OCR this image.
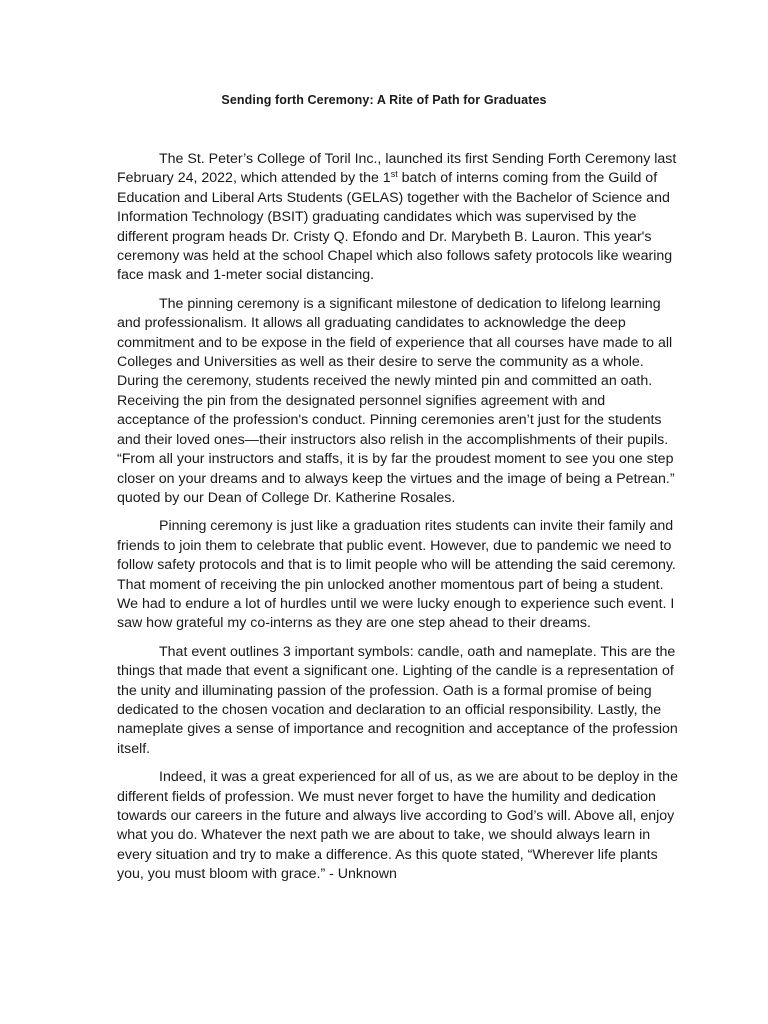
Sending forth Ceremony: A Rite of Path for Graduates

The St. Peter’s College of Toril Inc., launched its first Sending Forth Ceremony last February 24, 2022, which attended by the 1st batch of interns coming from the Guild of Education and Liberal Arts Students (GELAS) together with the Bachelor of Science and Information Technology (BSIT) graduating candidates which was supervised by the different program heads Dr. Cristy Q. Efondo and Dr. Marybeth B. Lauron. This year's ceremony was held at the school Chapel which also follows safety protocols like wearing face mask and 1-meter social distancing.

The pinning ceremony is a significant milestone of dedication to lifelong learning and professionalism. It allows all graduating candidates to acknowledge the deep commitment and to be expose in the field of experience that all courses have made to all Colleges and Universities as well as their desire to serve the community as a whole. During the ceremony, students received the newly minted pin and committed an oath. Receiving the pin from the designated personnel signifies agreement with and acceptance of the profession's conduct. Pinning ceremonies aren’t just for the students and their loved ones—their instructors also relish in the accomplishments of their pupils. “From all your instructors and staffs, it is by far the proudest moment to see you one step closer on your dreams and to always keep the virtues and the image of being a Petrean.” quoted by our Dean of College Dr. Katherine Rosales.

Pinning ceremony is just like a graduation rites students can invite their family and friends to join them to celebrate that public event. However, due to pandemic we need to follow safety protocols and that is to limit people who will be attending the said ceremony. That moment of receiving the pin unlocked another momentous part of being a student. We had to endure a lot of hurdles until we were lucky enough to experience such event. I saw how grateful my co-interns as they are one step ahead to their dreams.

That event outlines 3 important symbols: candle, oath and nameplate. This are the things that made that event a significant one. Lighting of the candle is a representation of the unity and illuminating passion of the profession. Oath is a formal promise of being dedicated to the chosen vocation and declaration to an official responsibility. Lastly, the nameplate gives a sense of importance and recognition and acceptance of the profession itself.

Indeed, it was a great experienced for all of us, as we are about to be deploy in the different fields of profession. We must never forget to have the humility and dedication towards our careers in the future and always live according to God’s will. Above all, enjoy what you do. Whatever the next path we are about to take, we should always learn in every situation and try to make a difference. As this quote stated, “Wherever life plants you, you must bloom with grace.” - Unknown
